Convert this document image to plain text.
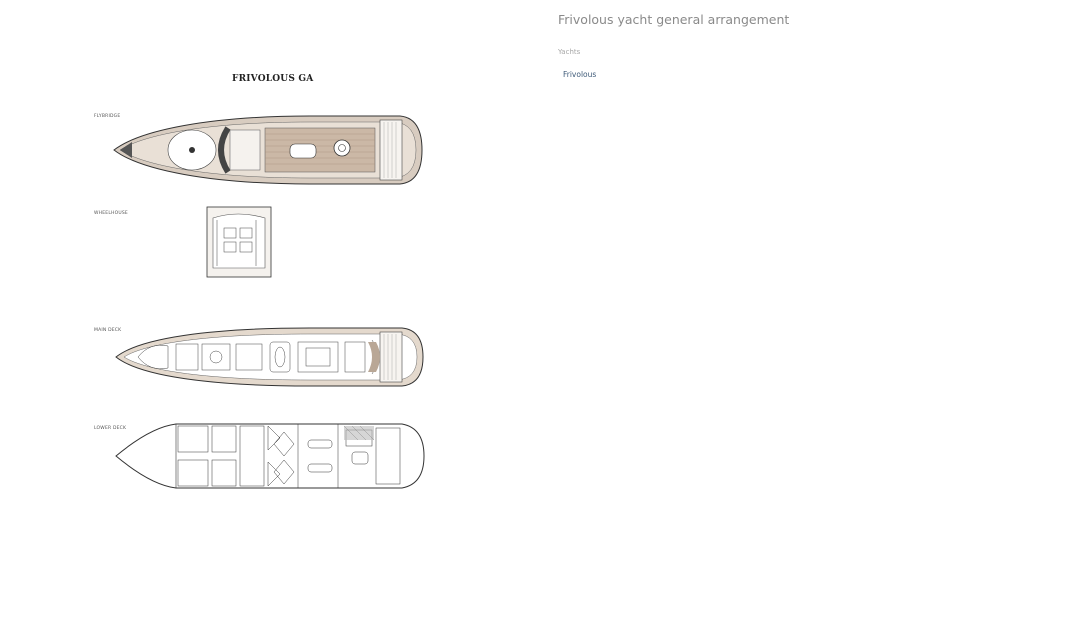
FRIVOLOUS GA
FLYBRIDGE
WHEELHOUSE
MAIN DECK
LOWER DECK
Frivolous yacht general arrangement
Yachts
Frivolous
